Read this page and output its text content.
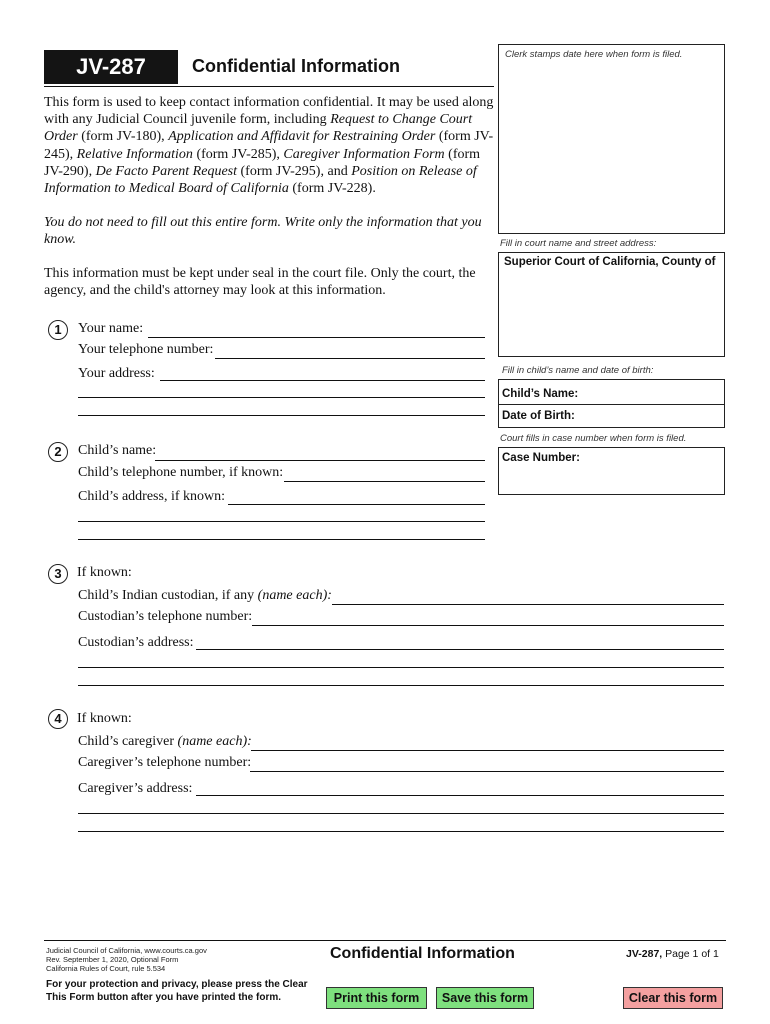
JV-287	Confidential Information
This form is used to keep contact information confidential. It may be used along with any Judicial Council juvenile form, including Request to Change Court Order (form JV-180), Application and Affidavit for Restraining Order (form JV-245), Relative Information (form JV-285), Caregiver Information Form (form JV-290), De Facto Parent Request (form JV-295), and Position on Release of Information to Medical Board of California (form JV-228).
You do not need to fill out this entire form. Write only the information that you know.
This information must be kept under seal in the court file. Only the court, the agency, and the child's attorney may look at this information.
Clerk stamps date here when form is filed.
Fill in court name and street address:
Superior Court of California, County of
Fill in child’s name and date of birth:
Child’s Name:
Date of Birth:
Court fills in case number when form is filed.
Case Number:
1	Your name:
Your telephone number:
Your address:
2	Child’s name:
Child’s telephone number, if known:
Child’s address, if known:
3	If known:
Child’s Indian custodian, if any (name each):
Custodian’s telephone number:
Custodian’s address:
4	If known:
Child’s caregiver (name each):
Caregiver’s telephone number:
Caregiver’s address:
Judicial Council of California, www.courts.ca.gov
Rev. September 1, 2020, Optional Form
California Rules of Court, rule 5.534
Confidential Information	JV-287, Page 1 of 1
For your protection and privacy, please press the Clear
This Form button after you have printed the form.	Print this form	Save this form	Clear this form
